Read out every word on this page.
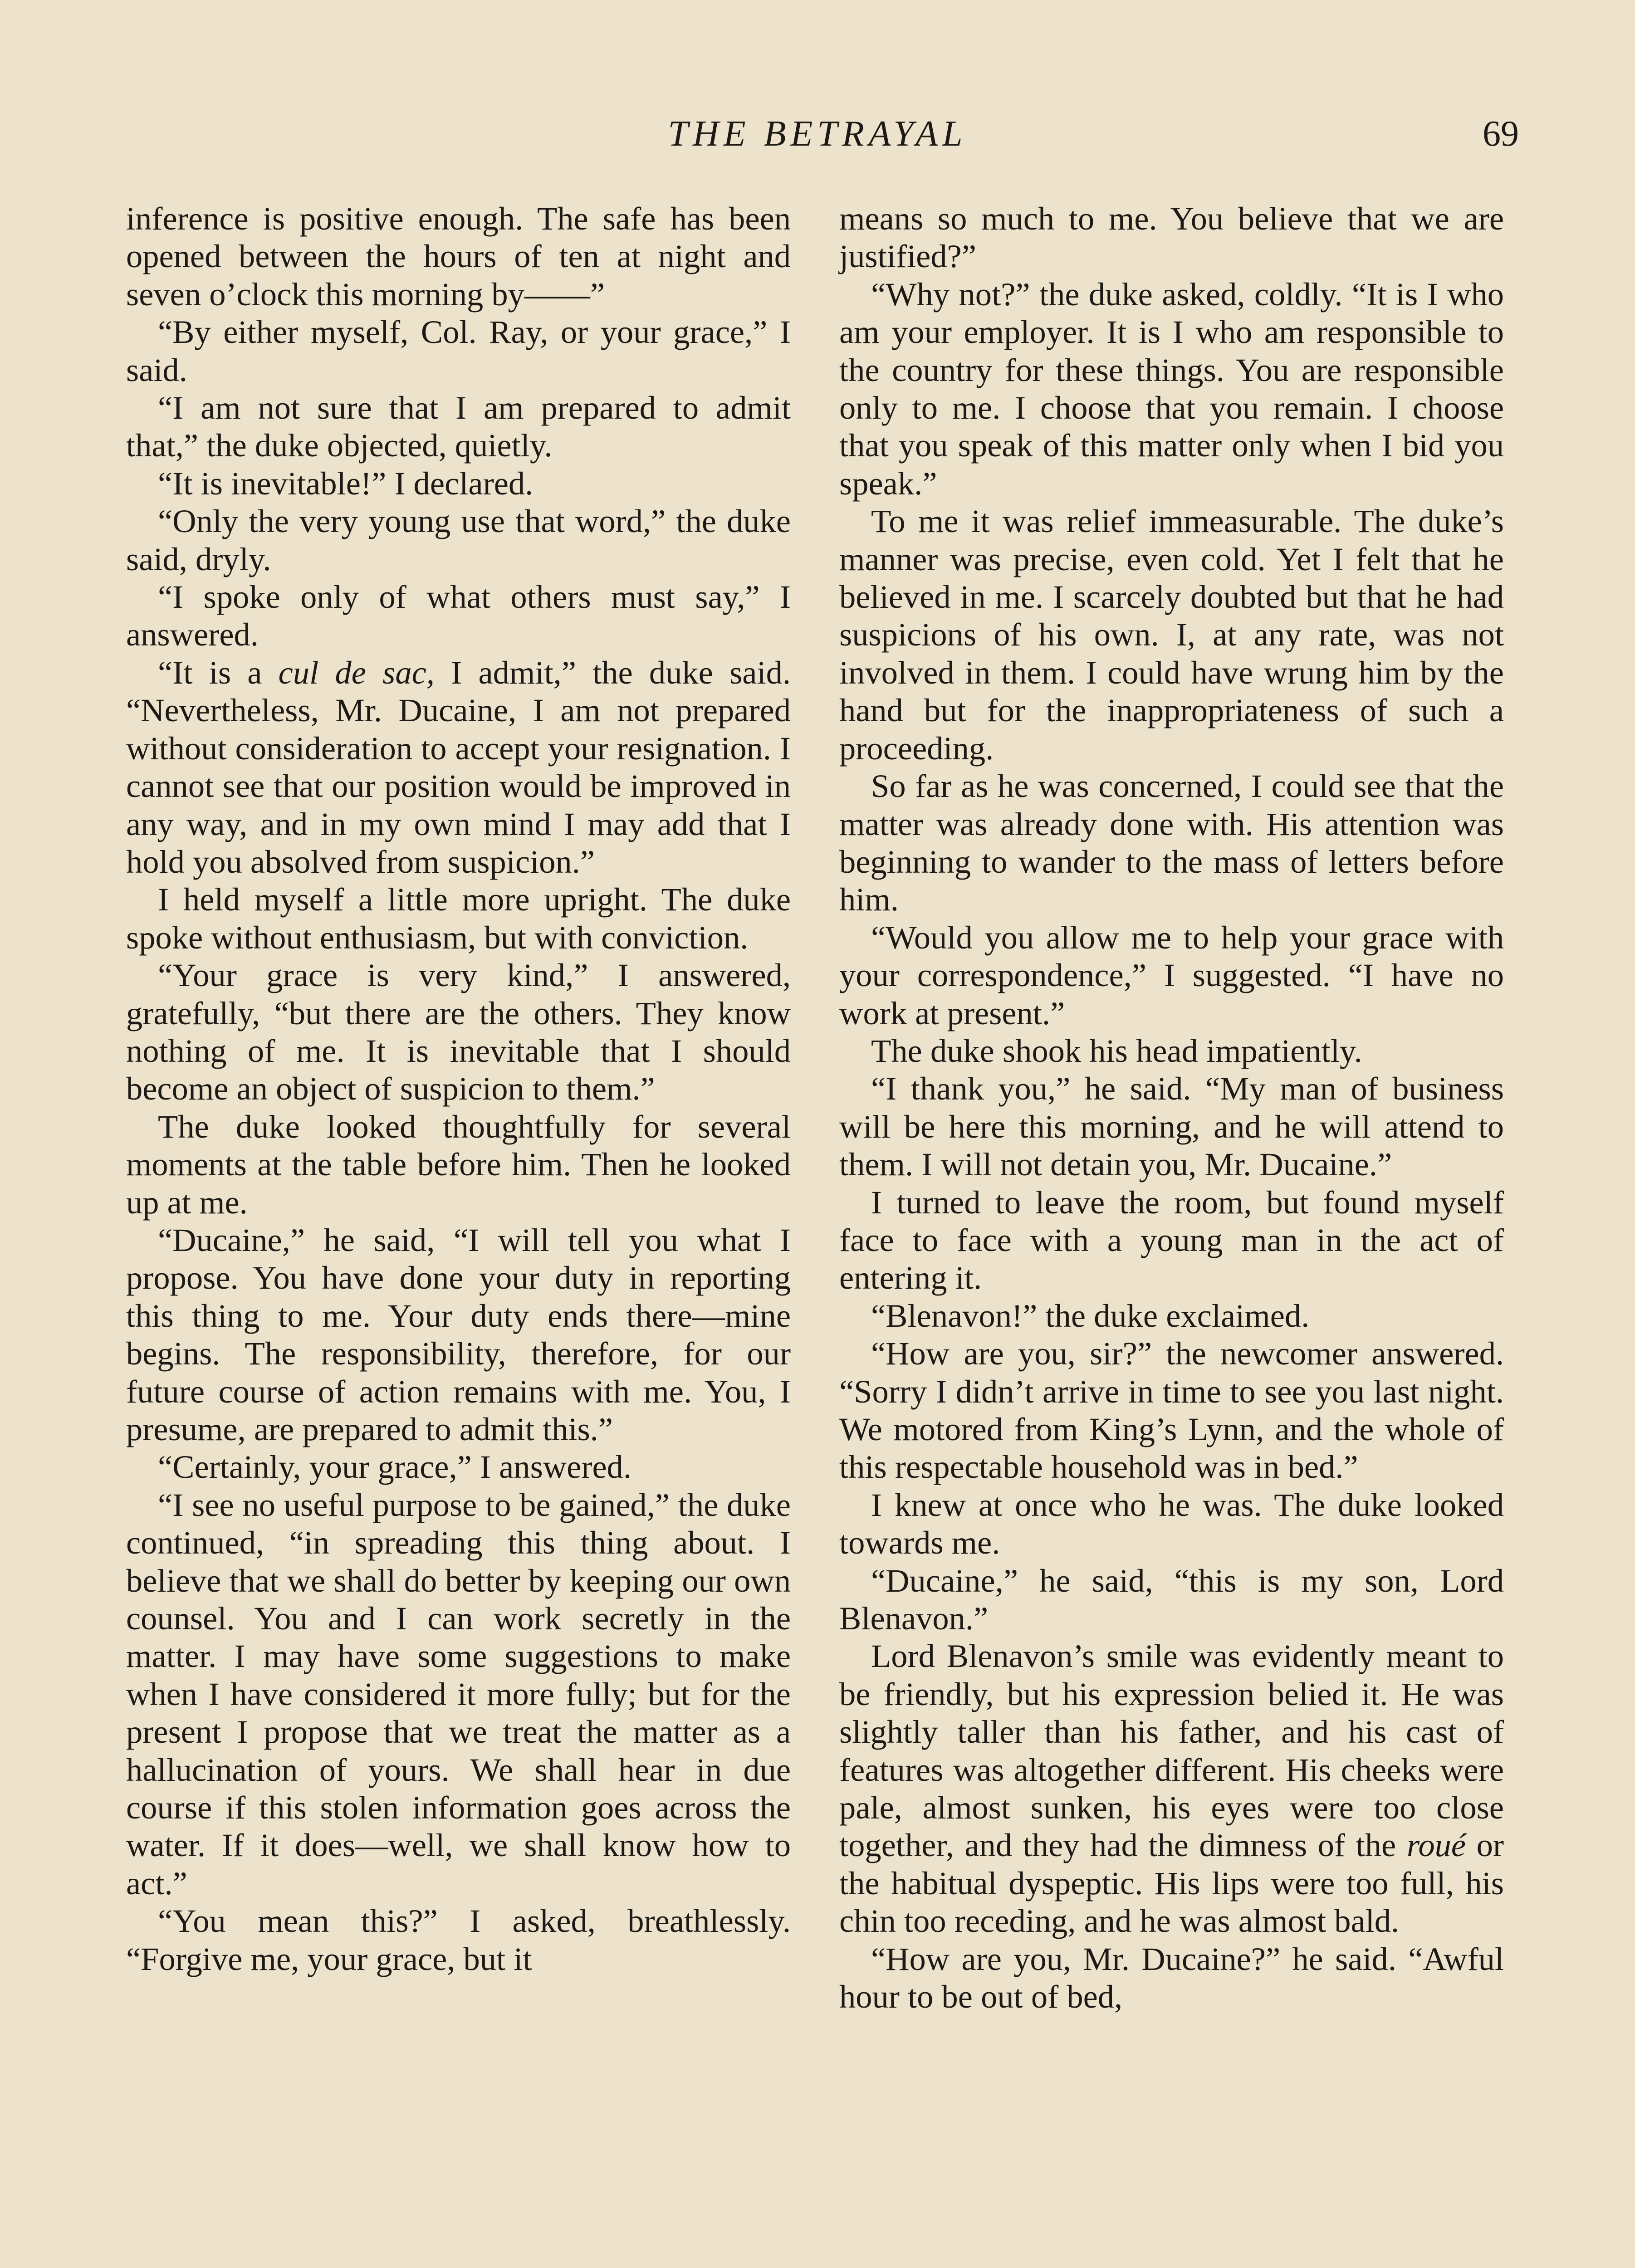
THE BETRAYAL	69

inference is positive enough. The safe has been opened between the hours of ten at night and seven o’clock this morning by——”

“By either myself, Col. Ray, or your grace,” I said.

“I am not sure that I am prepared to admit that,” the duke objected, quietly.

“It is inevitable!” I declared.

“Only the very young use that word,” the duke said, dryly.

“I spoke only of what others must say,” I answered.

“It is a cul de sac, I admit,” the duke said. “Nevertheless, Mr. Ducaine, I am not prepared without consideration to accept your resignation. I cannot see that our position would be improved in any way, and in my own mind I may add that I hold you absolved from suspicion.”

I held myself a little more upright. The duke spoke without enthusiasm, but with conviction.

“Your grace is very kind,” I answered, gratefully, “but there are the others. They know nothing of me. It is inevitable that I should become an object of suspicion to them.”

The duke looked thoughtfully for several moments at the table before him. Then he looked up at me.

“Ducaine,” he said, “I will tell you what I propose. You have done your duty in reporting this thing to me. Your duty ends there—mine begins. The responsibility, therefore, for our future course of action remains with me. You, I presume, are prepared to admit this.”

“Certainly, your grace,” I answered.

“I see no useful purpose to be gained,” the duke continued, “in spreading this thing about. I believe that we shall do better by keeping our own counsel. You and I can work secretly in the matter. I may have some suggestions to make when I have considered it more fully; but for the present I propose that we treat the matter as a hallucination of yours. We shall hear in due course if this stolen information goes across the water. If it does—well, we shall know how to act.”

“You mean this?” I asked, breathlessly. “Forgive me, your grace, but it

means so much to me. You believe that we are justified?”

“Why not?” the duke asked, coldly. “It is I who am your employer. It is I who am responsible to the country for these things. You are responsible only to me. I choose that you remain. I choose that you speak of this matter only when I bid you speak.”

To me it was relief immeasurable. The duke’s manner was precise, even cold. Yet I felt that he believed in me. I scarcely doubted but that he had suspicions of his own. I, at any rate, was not involved in them. I could have wrung him by the hand but for the inappropriateness of such a proceeding.

So far as he was concerned, I could see that the matter was already done with. His attention was beginning to wander to the mass of letters before him.

“Would you allow me to help your grace with your correspondence,” I suggested. “I have no work at present.”

The duke shook his head impatiently.

“I thank you,” he said. “My man of business will be here this morning, and he will attend to them. I will not detain you, Mr. Ducaine.”

I turned to leave the room, but found myself face to face with a young man in the act of entering it.

“Blenavon!” the duke exclaimed.

“How are you, sir?” the newcomer answered. “Sorry I didn’t arrive in time to see you last night. We motored from King’s Lynn, and the whole of this respectable household was in bed.”

I knew at once who he was. The duke looked towards me.

“Ducaine,” he said, “this is my son, Lord Blenavon.”

Lord Blenavon’s smile was evidently meant to be friendly, but his expression belied it. He was slightly taller than his father, and his cast of features was altogether different. His cheeks were pale, almost sunken, his eyes were too close together, and they had the dimness of the roué or the habitual dyspeptic. His lips were too full, his chin too receding, and he was almost bald.

“How are you, Mr. Ducaine?” he said. “Awful hour to be out of bed,
